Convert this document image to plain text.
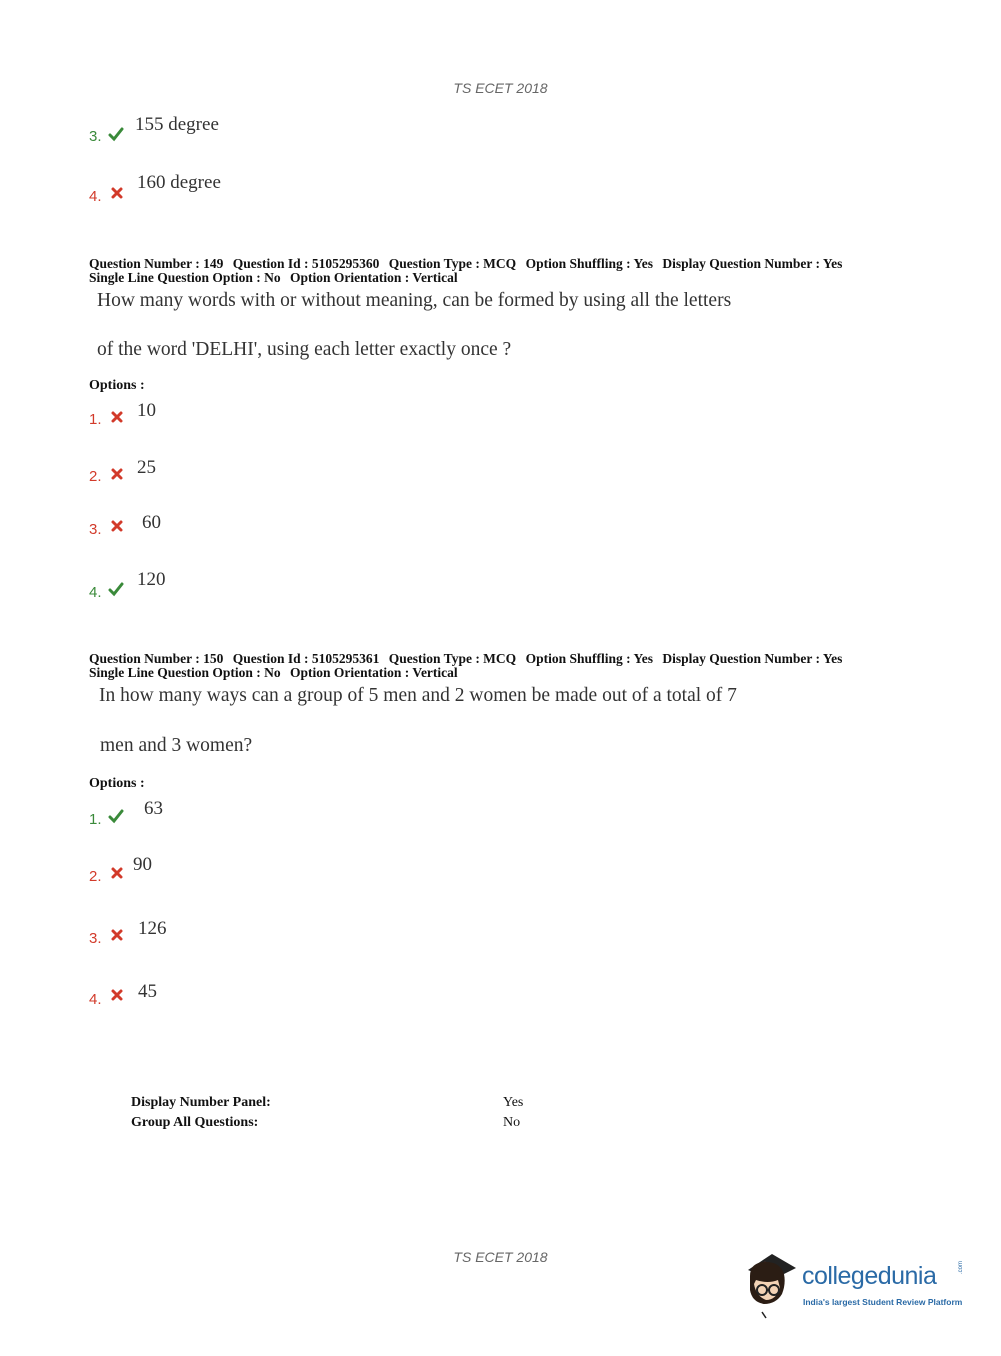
TS ECET 2018
3.
155 degree
4.
160 degree
Question Number : 149 Question Id : 5105295360 Question Type : MCQ Option Shuffling : Yes Display Question Number : Yes
Single Line Question Option : No Option Orientation : Vertical
How many words with or without meaning, can be formed by using all the letters
of the word 'DELHI', using each letter exactly once ?
Options :
1. 10
2. 25
3. 60
4.
120
Question Number : 150 Question Id : 5105295361 Question Type : MCQ Option Shuffling : Yes Display Question Number : Yes
Single Line Question Option : No Option Orientation : Vertical
In how many ways can a group of 5 men and 2 women be made out of a total of 7
men and 3 women?
Options :
1.
63
2.
90
3. 126
4. 45
Display Number Panel:	Yes
Group All Questions:	No
TS ECET 2018
collegedunia	.com
India's largest Student Review Platform
